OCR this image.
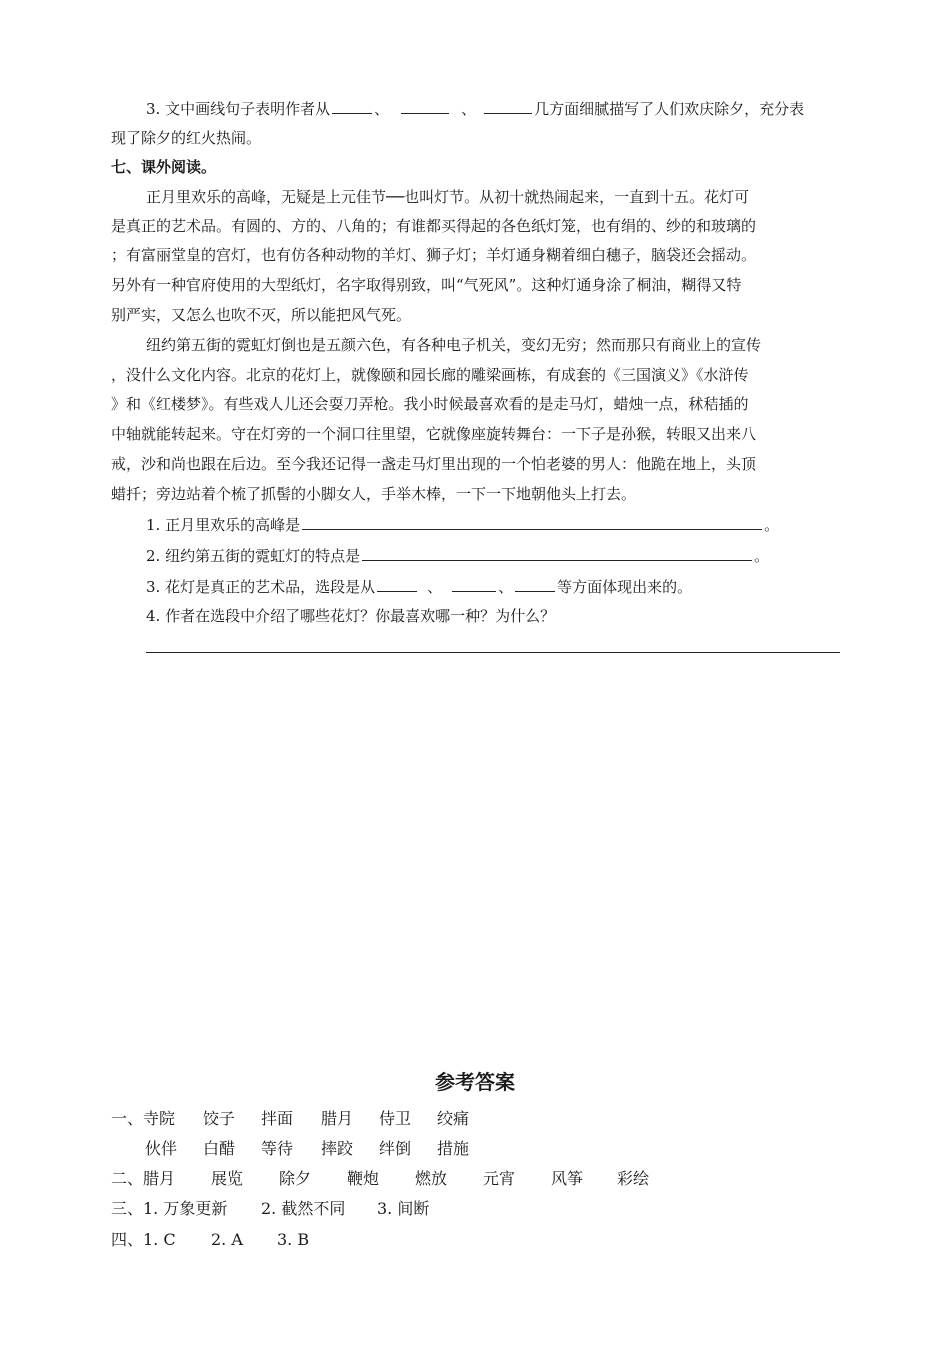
3. 文中画线句子表明作者从	、	、	几方面细腻描写了人们欢庆除夕，充分表
现了除夕的红火热闹。
七、课外阅读。
正月里欢乐的高峰，无疑是上元佳节──也叫灯节。从初十就热闹起来，一直到十五。花灯可
是真正的艺术品。有圆的、方的、八角的；有谁都买得起的各色纸灯笼，也有绢的、纱的和玻璃的
；有富丽堂皇的宫灯，也有仿各种动物的羊灯、狮子灯；羊灯通身糊着细白穗子，脑袋还会摇动。
另外有一种官府使用的大型纸灯，名字取得别致，叫“气死风”。这种灯通身涂了桐油，糊得又特
别严实，又怎么也吹不灭，所以能把风气死。
纽约第五街的霓虹灯倒也是五颜六色，有各种电子机关，变幻无穷；然而那只有商业上的宣传
，没什么文化内容。北京的花灯上，就像颐和园长廊的雕梁画栋，有成套的《三国演义》《水浒传
》和《红楼梦》。有些戏人儿还会耍刀弄枪。我小时候最喜欢看的是走马灯，蜡烛一点，秫秸插的
中轴就能转起来。守在灯旁的一个洞口往里望，它就像座旋转舞台：一下子是孙猴，转眼又出来八
戒，沙和尚也跟在后边。至今我还记得一盏走马灯里出现的一个怕老婆的男人：他跪在地上，头顶
蜡扦；旁边站着个梳了抓髻的小脚女人，手举木棒，一下一下地朝他头上打去。
1. 正月里欢乐的高峰是	。
2. 纽约第五街的霓虹灯的特点是	。
3. 花灯是真正的艺术品，选段是从	、	、	等方面体现出来的。
4. 作者在选段中介绍了哪些花灯？你最喜欢哪一种？为什么？
参考答案
一、寺院 饺子 拌面 腊月 侍卫 绞痛
伙伴 白醋 等待 摔跤 绊倒 措施
二、腊月 展览 除夕 鞭炮 燃放 元宵 风筝 彩绘
三、1. 万象更新 2. 截然不同 3. 间断
四、1. C 2. A 3. B
